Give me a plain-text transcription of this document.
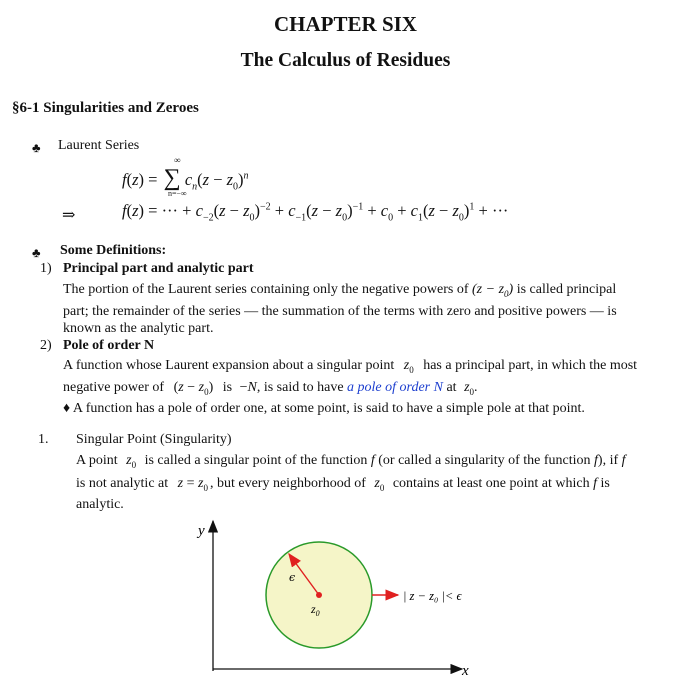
CHAPTER SIX
The Calculus of Residues
§6-1 Singularities and Zeroes
♣ Laurent Series
f(z) =
∞
∑ $c_n(z - z_0)^n$
n=−∞
⇒	f(z) = ··· + $c_{-2}(z - z_0)^{-2} + c_{-1}(z - z_0)^{-1} + c_0 + c_1(z - z_0)^1$ + ···
♣ Some Definitions:
1) Principal part and analytic part
The portion of the Laurent series containing only the negative powers of $(z - z_0)$ is called principal
part; the remainder of the series — the summation of the terms with zero and positive powers — is
known as the analytic part.
2) Pole of order N
A function whose Laurent expansion about a singular point $z_0$ has a principal part, in which the most
negative power of $(z - z_0)$ is −N, is said to have a pole of order N at $z_0$.
♦ A function has a pole of order one, at some point, is said to have a simple pole at that point.
1. Singular Point (Singularity)
A point $z_0$ is called a singular point of the function f (or called a singularity of the function f), if f
is not analytic at $z = z_0$ , but every neighborhood of $z_0$ contains at least one point at which f is
analytic.
y
x
ϵ
$z_0$
| z − z₀ |< ϵ
